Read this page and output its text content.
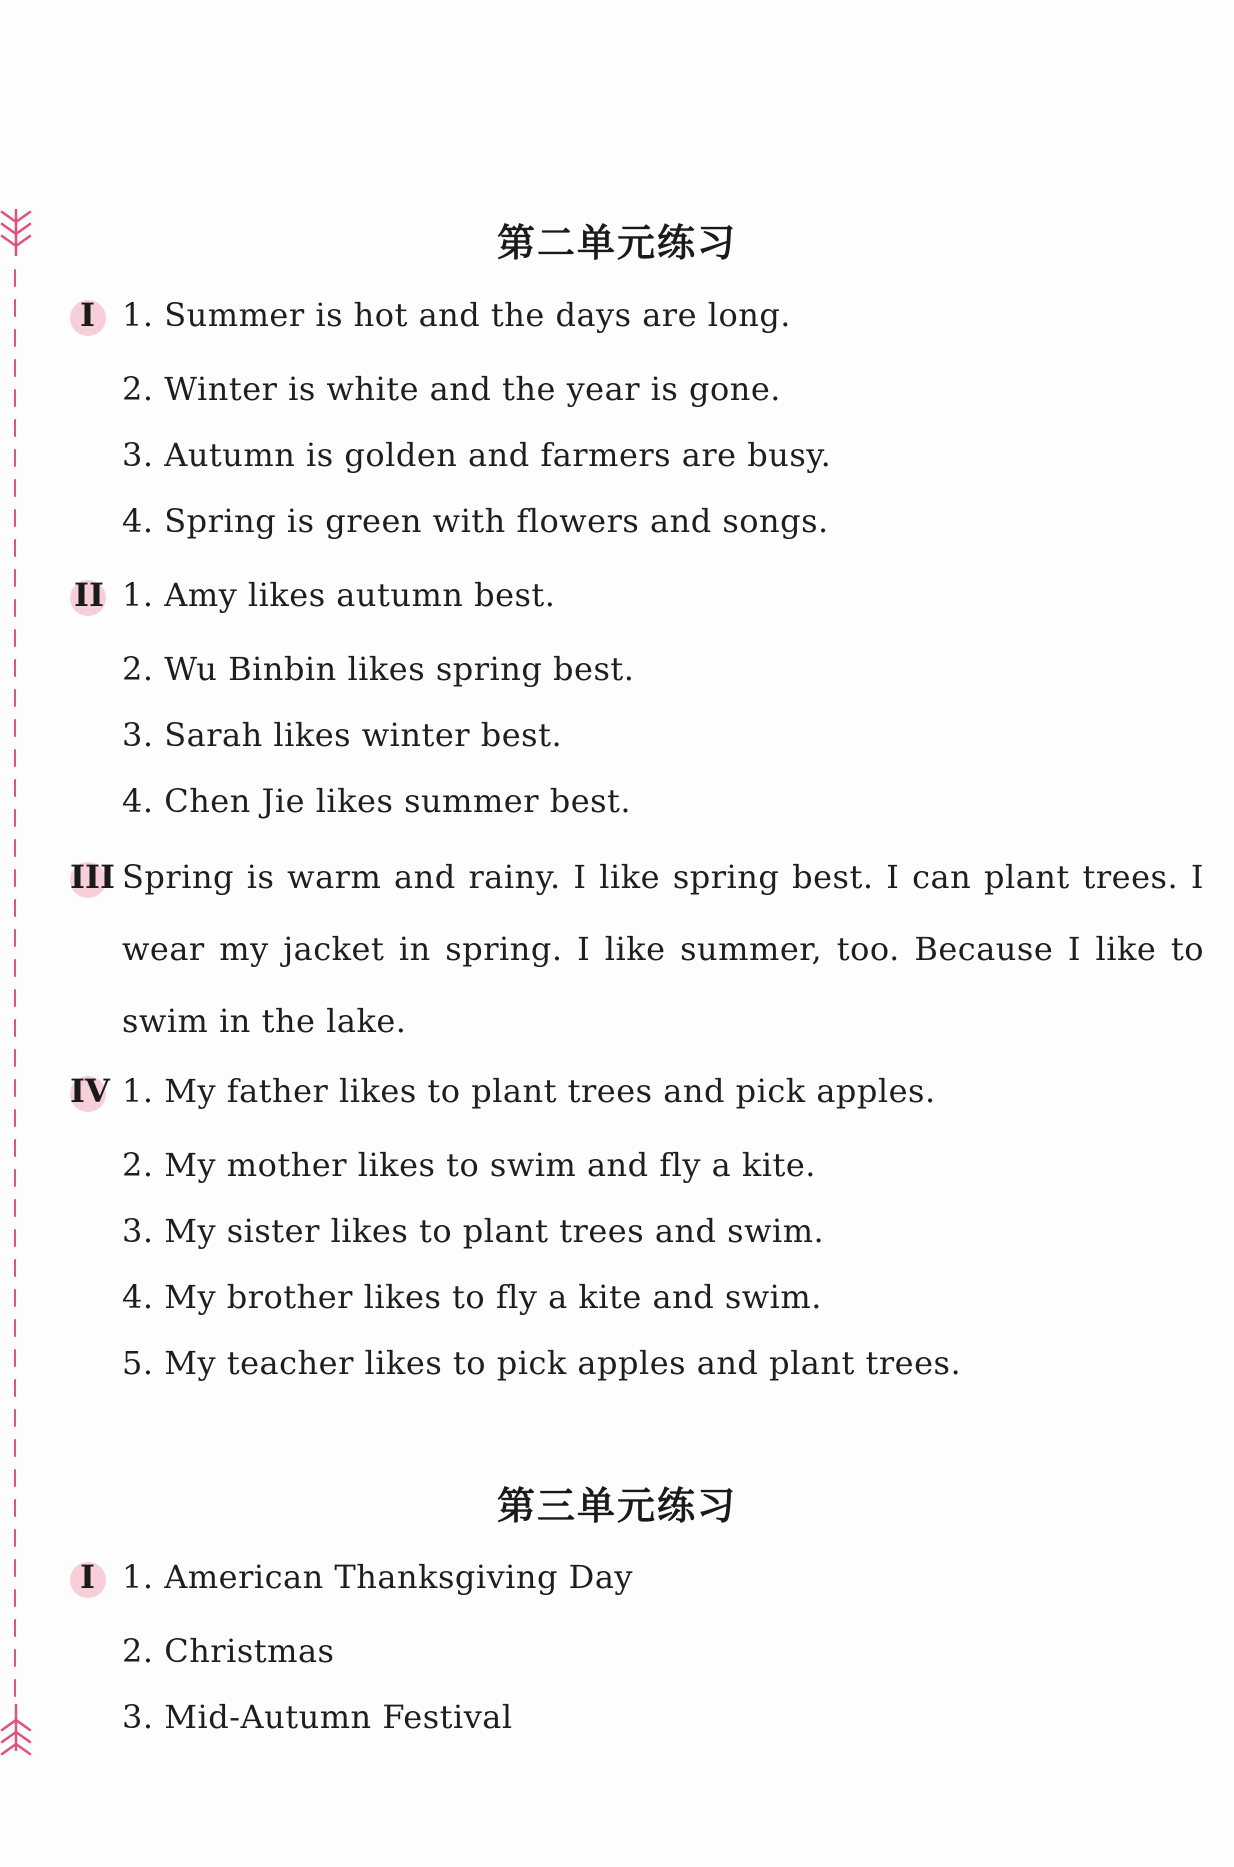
第二单元练习
I 1. Summer is hot and the days are long.
2. Winter is white and the year is gone.
3. Autumn is golden and farmers are busy.
4. Spring is green with flowers and songs.
II 1. Amy likes autumn best.
2. Wu Binbin likes spring best.
3. Sarah likes winter best.
4. Chen Jie likes summer best.
III Spring is warm and rainy. I like spring best. I can plant trees. I wear my jacket in spring. I like summer, too. Because I like to swim in the lake.
IV 1. My father likes to plant trees and pick apples.
2. My mother likes to swim and fly a kite.
3. My sister likes to plant trees and swim.
4. My brother likes to fly a kite and swim.
5. My teacher likes to pick apples and plant trees.
第三单元练习
I 1. American Thanksgiving Day
2. Christmas
3. Mid-Autumn Festival
